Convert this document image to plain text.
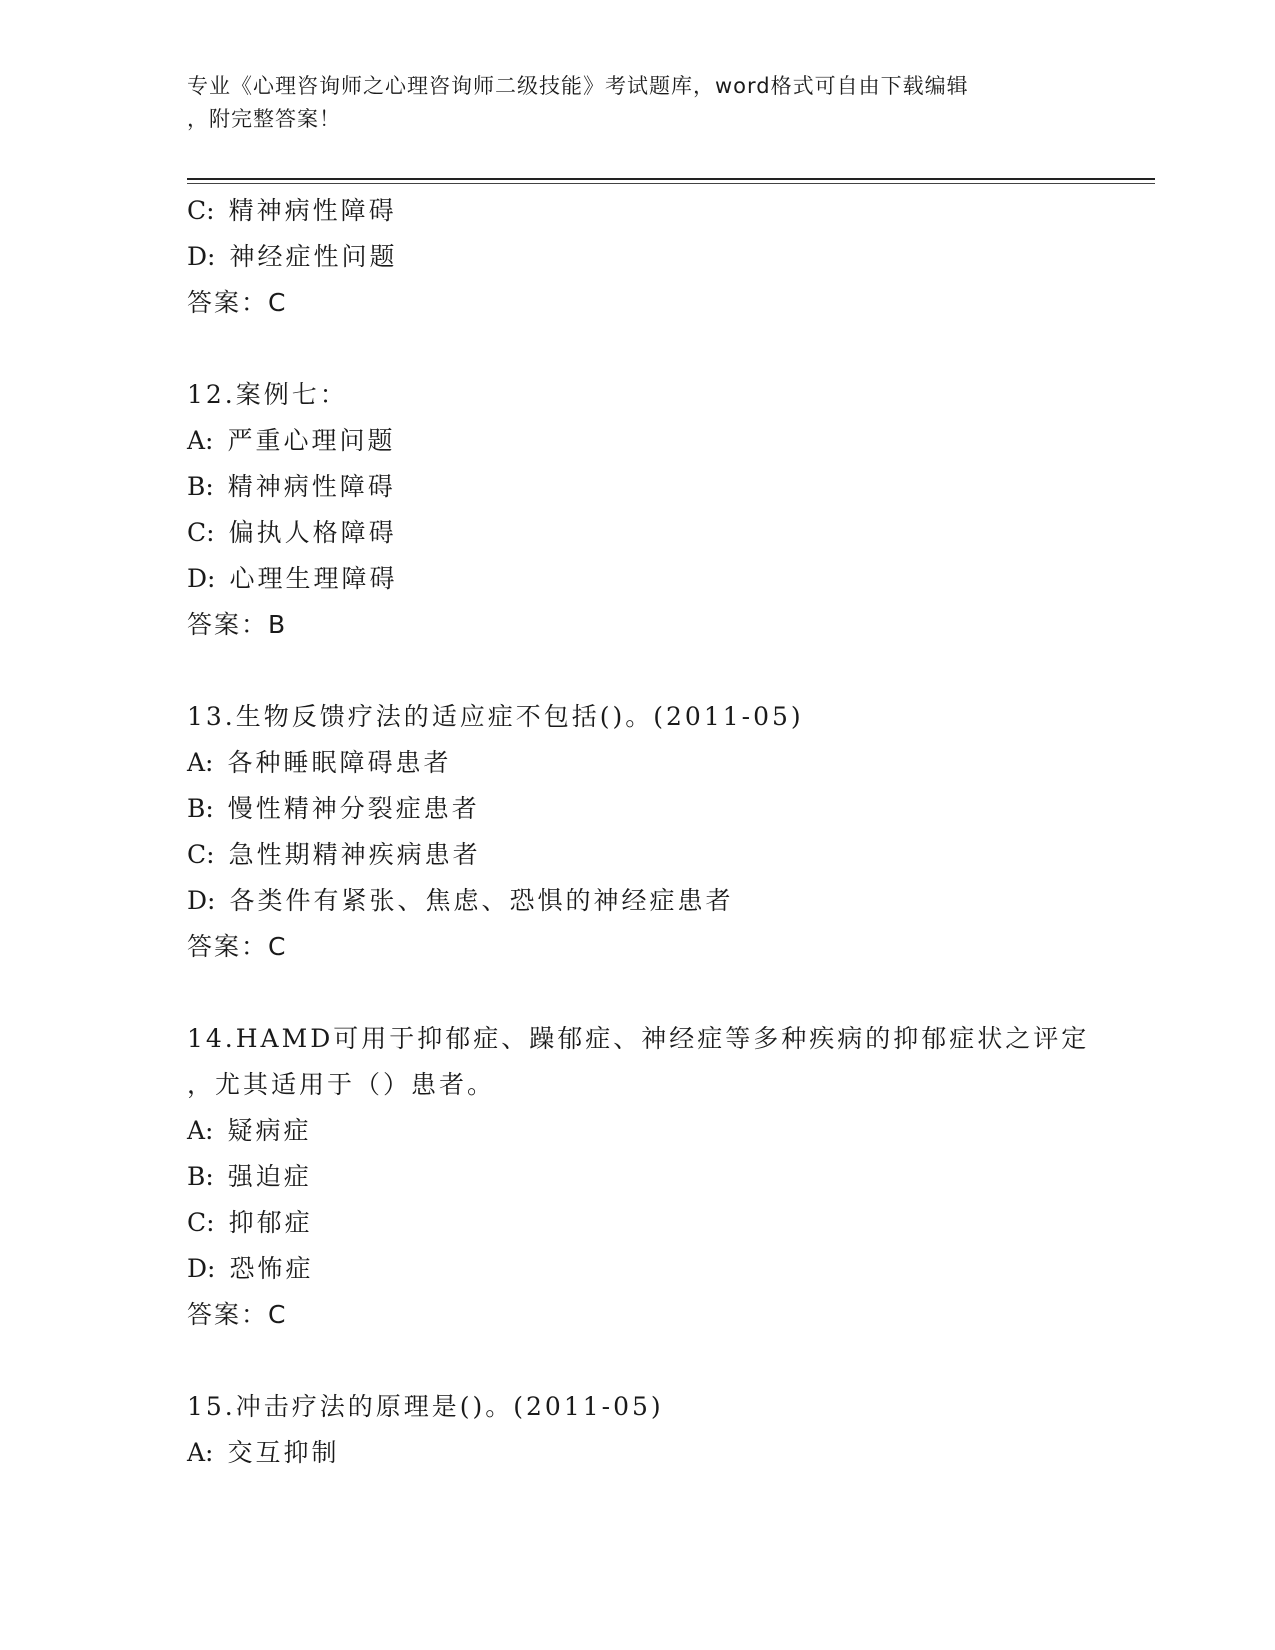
专业《心理咨询师之心理咨询师二级技能》考试题库，word格式可自由下载编辑
，附完整答案！
C: 精神病性障碍
D: 神经症性问题
答案：C
12.案例七：
A: 严重心理问题
B: 精神病性障碍
C: 偏执人格障碍
D: 心理生理障碍
答案：B
13.生物反馈疗法的适应症不包括()。(2011-05)
A: 各种睡眠障碍患者
B: 慢性精神分裂症患者
C: 急性期精神疾病患者
D: 各类件有紧张、焦虑、恐惧的神经症患者
答案：C
14.HAMD可用于抑郁症、躁郁症、神经症等多种疾病的抑郁症状之评定
，尤其适用于（）患者。
A: 疑病症
B: 强迫症
C: 抑郁症
D: 恐怖症
答案：C
15.冲击疗法的原理是()。(2011-05)
A: 交互抑制
